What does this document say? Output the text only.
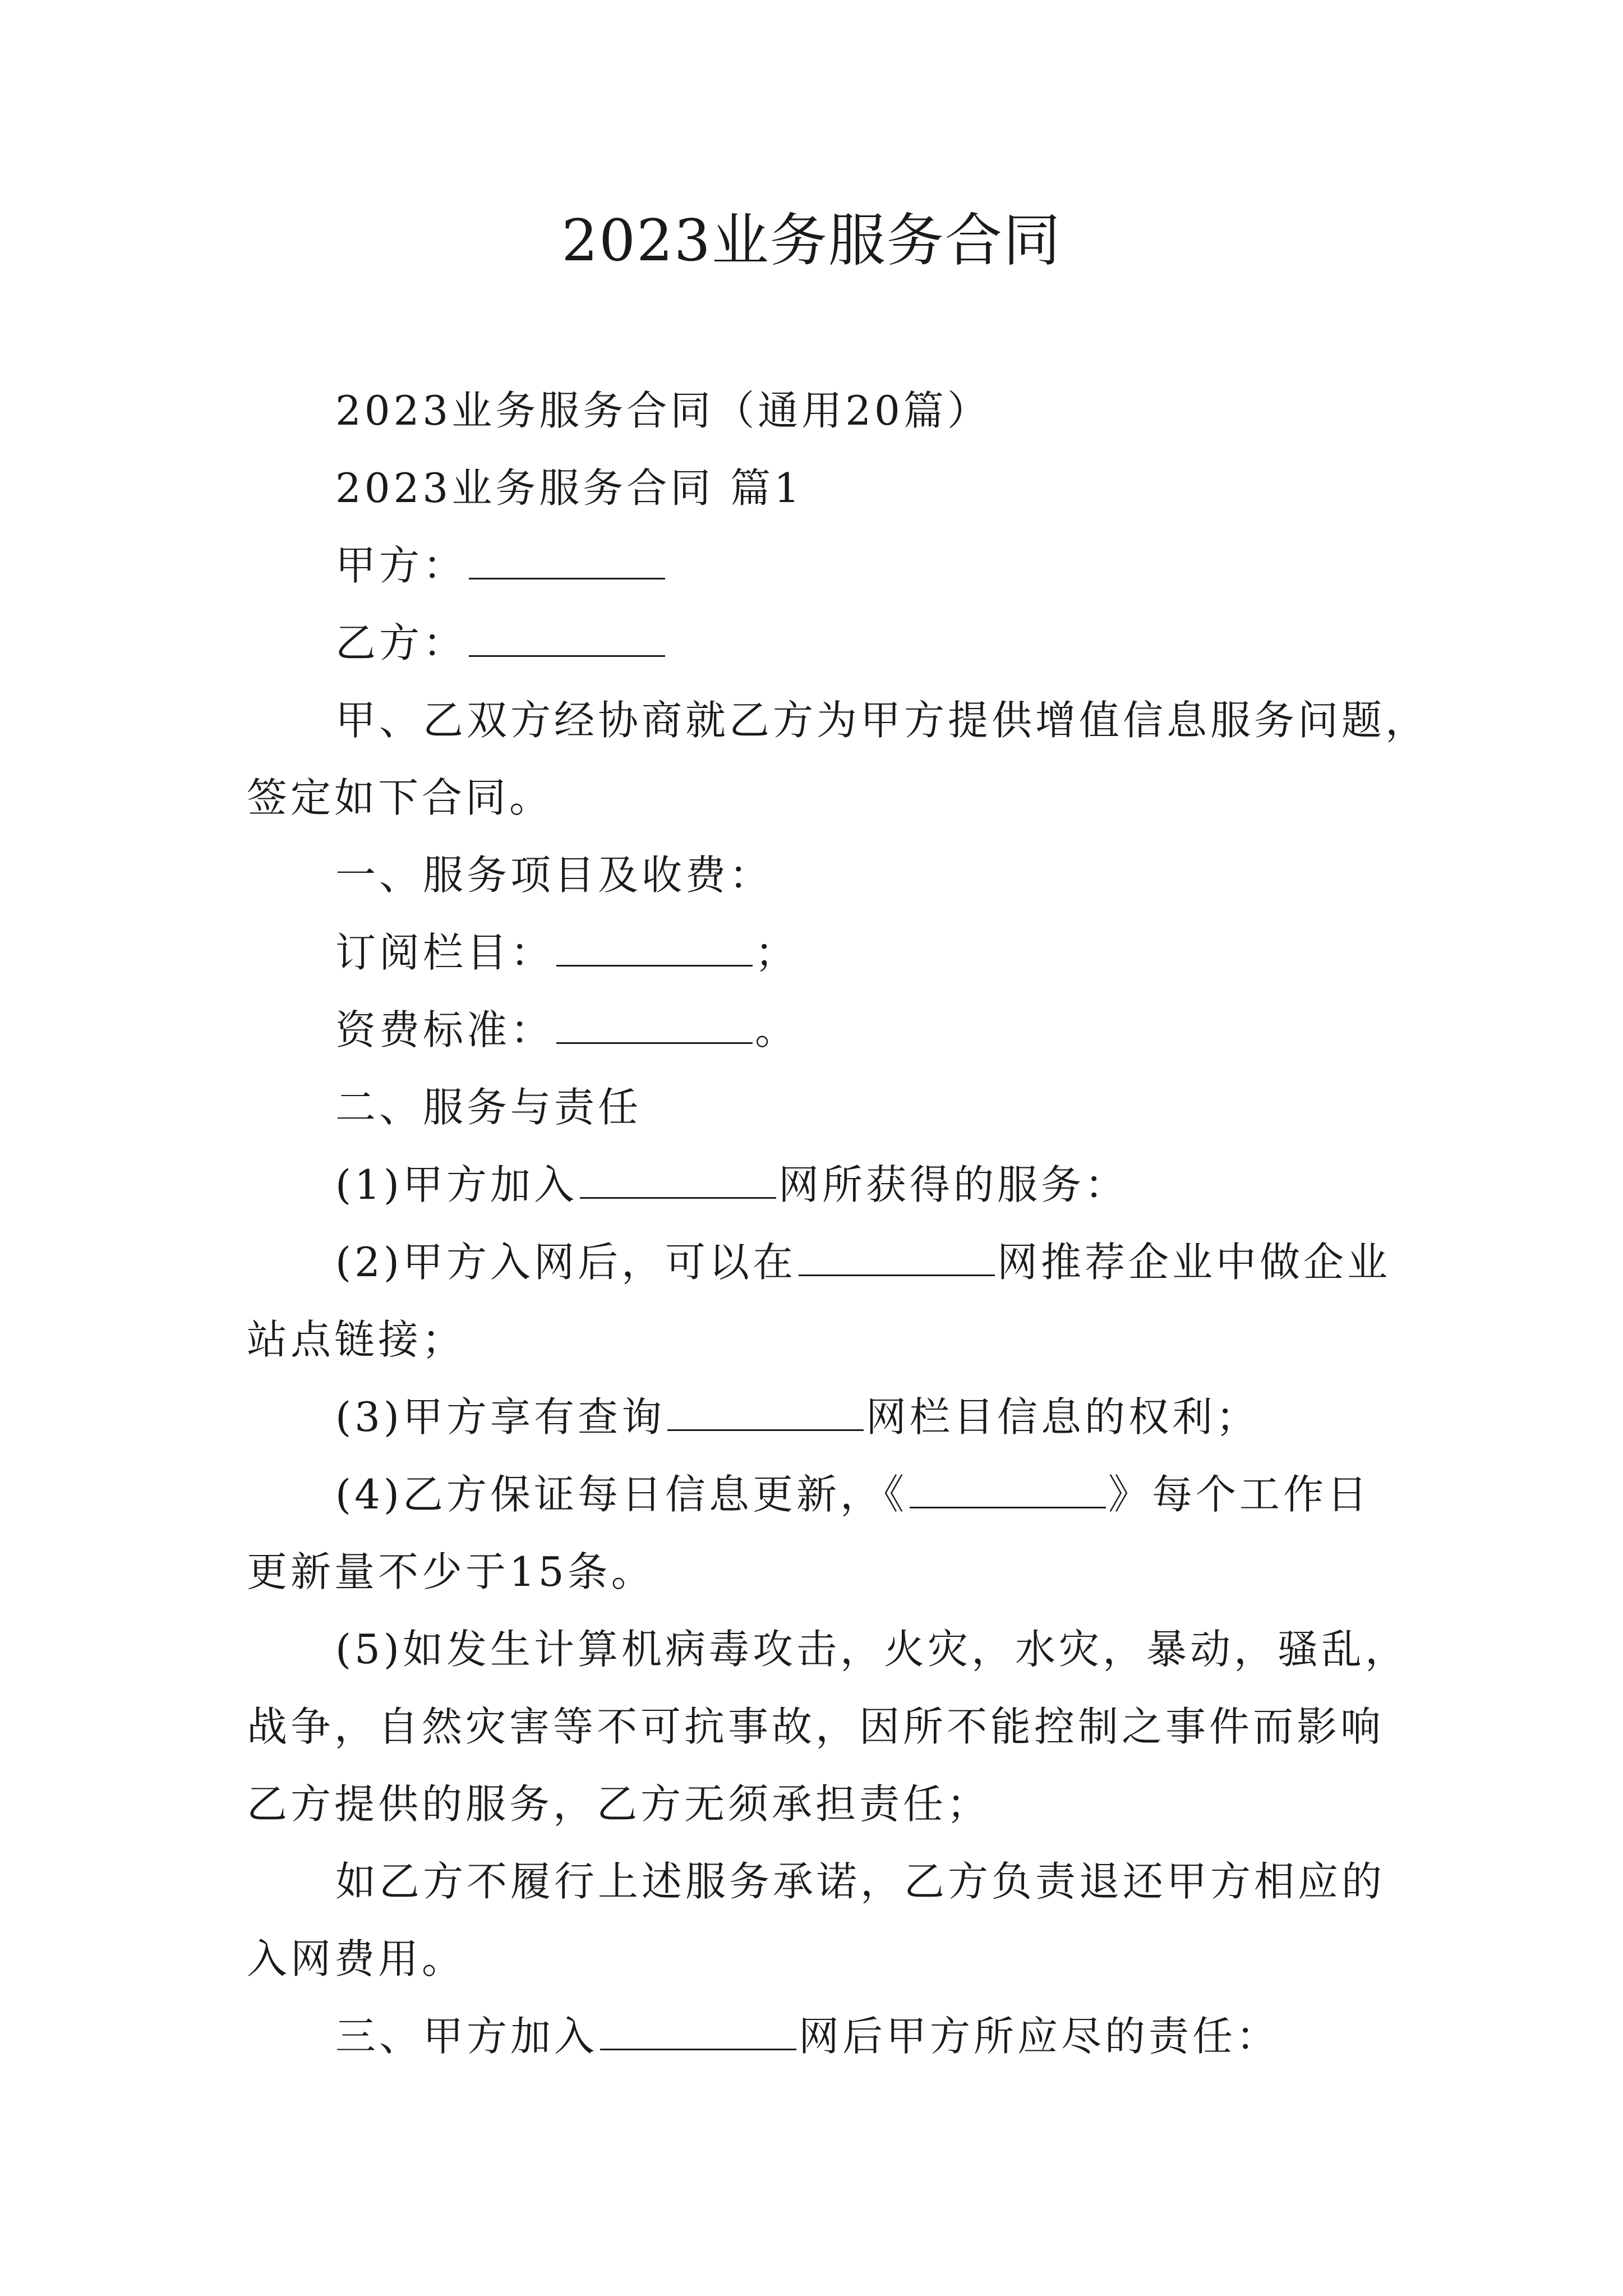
2023业务服务合同
2023业务服务合同（通用20篇）
2023业务服务合同 篇1
甲方：
乙方：
甲、乙双方经协商就乙方为甲方提供增值信息服务问题，
签定如下合同。
一、服务项目及收费：
订阅栏目：	；
资费标准：	。
二、服务与责任
(1)甲方加入	网所获得的服务：
(2)甲方入网后，可以在	网推荐企业中做企业
站点链接；
(3)甲方享有查询	网栏目信息的权利；
(4)乙方保证每日信息更新，《	》每个工作日
更新量不少于15条。
(5)如发生计算机病毒攻击，火灾，水灾，暴动，骚乱，
战争，自然灾害等不可抗事故，因所不能控制之事件而影响
乙方提供的服务，乙方无须承担责任；
如乙方不履行上述服务承诺，乙方负责退还甲方相应的
入网费用。
三、甲方加入	网后甲方所应尽的责任：
